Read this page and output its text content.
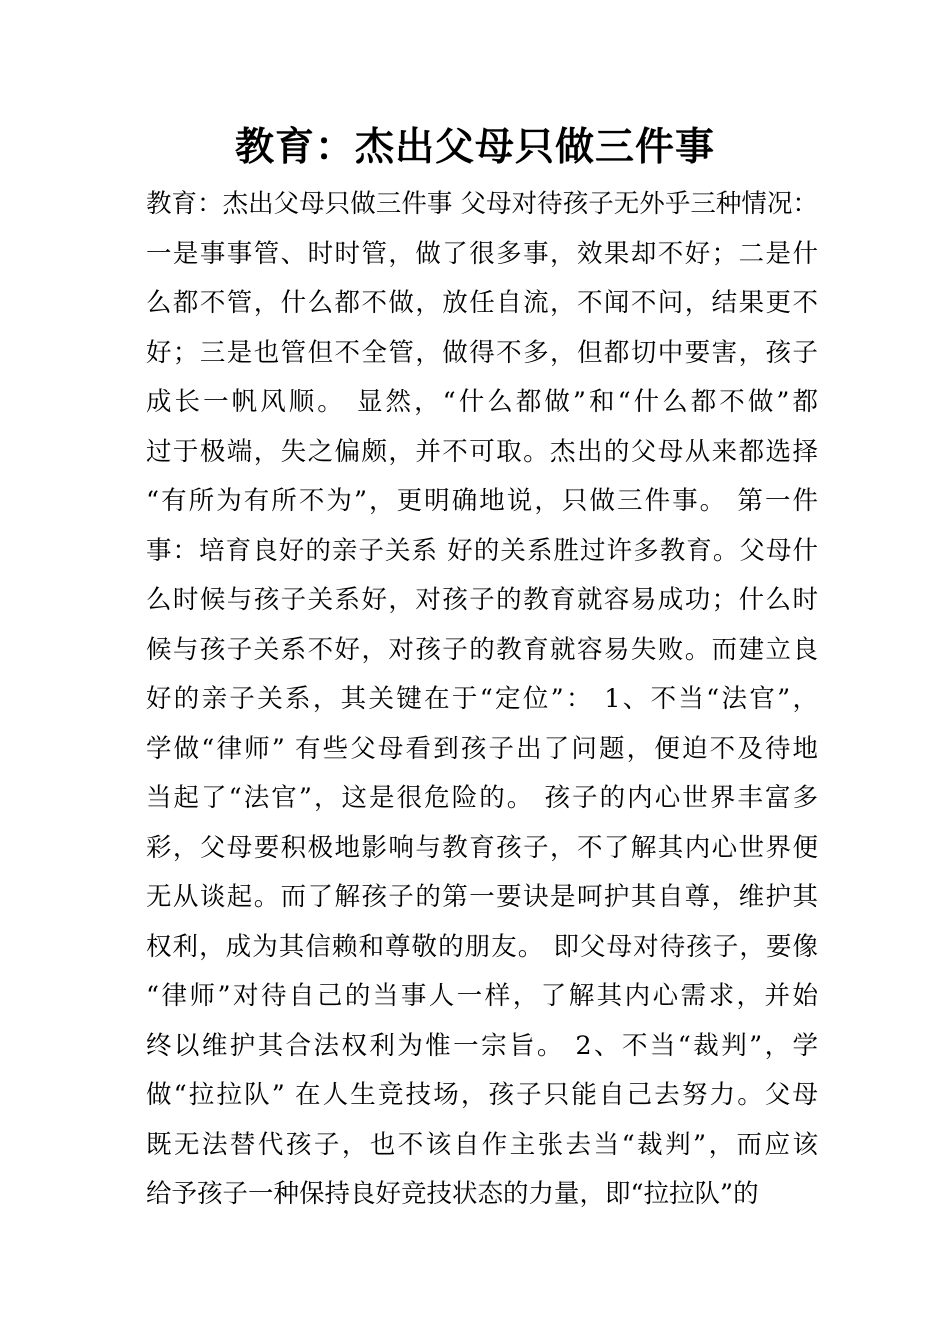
教育：杰出父母只做三件事
教育：杰出父母只做三件事 父母对待孩子无外乎三种情况：
一是事事管、时时管，做了很多事，效果却不好；二是什
么都不管，什么都不做，放任自流，不闻不问，结果更不
好；三是也管但不全管，做得不多，但都切中要害，孩子
成长一帆风顺。 显然，“什么都做”和“什么都不做”都
过于极端，失之偏颇，并不可取。杰出的父母从来都选择
“有所为有所不为”，更明确地说，只做三件事。 第一件
事：培育良好的亲子关系 好的关系胜过许多教育。父母什
么时候与孩子关系好，对孩子的教育就容易成功；什么时
候与孩子关系不好，对孩子的教育就容易失败。而建立良
好的亲子关系，其关键在于“定位”： 1、不当“法官”，
学做“律师” 有些父母看到孩子出了问题，便迫不及待地
当起了“法官”，这是很危险的。 孩子的内心世界丰富多
彩，父母要积极地影响与教育孩子，不了解其内心世界便
无从谈起。而了解孩子的第一要诀是呵护其自尊，维护其
权利，成为其信赖和尊敬的朋友。 即父母对待孩子，要像
“律师”对待自己的当事人一样，了解其内心需求，并始
终以维护其合法权利为惟一宗旨。 2、不当“裁判”，学
做“拉拉队” 在人生竞技场，孩子只能自己去努力。父母
既无法替代孩子，也不该自作主张去当“裁判”，而应该
给予孩子一种保持良好竞技状态的力量，即“拉拉队”的
